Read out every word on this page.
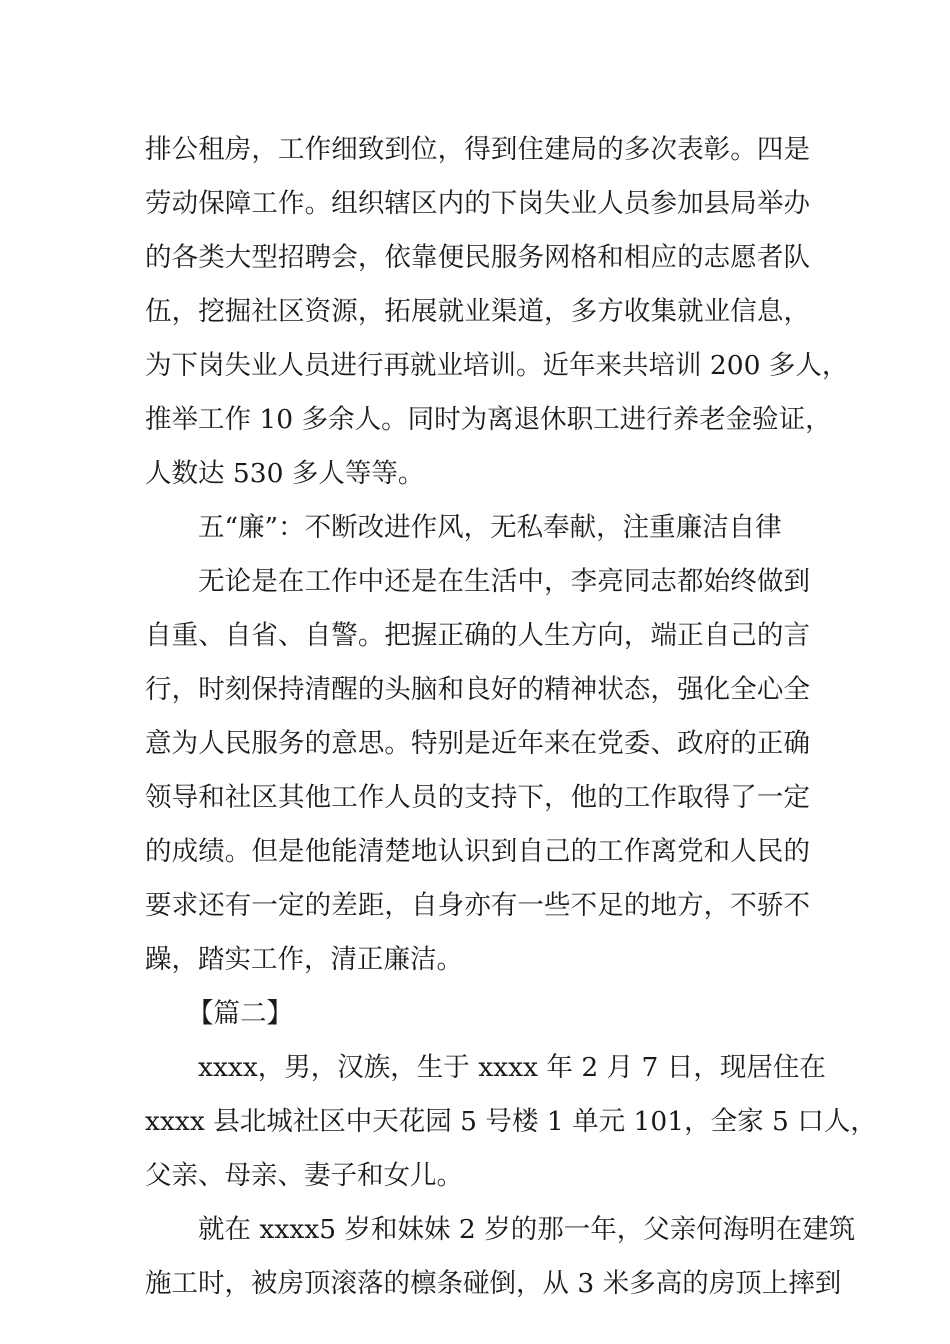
排公租房，工作细致到位，得到住建局的多次表彰。四是
劳动保障工作。组织辖区内的下岗失业人员参加县局举办
的各类大型招聘会，依靠便民服务网格和相应的志愿者队
伍，挖掘社区资源，拓展就业渠道，多方收集就业信息，
为下岗失业人员进行再就业培训。近年来共培训 200 多人，
推举工作 10 多余人。同时为离退休职工进行养老金验证，
人数达 530 多人等等。
五“廉”：不断改进作风，无私奉献，注重廉洁自律
无论是在工作中还是在生活中，李亮同志都始终做到
自重、自省、自警。把握正确的人生方向，端正自己的言
行，时刻保持清醒的头脑和良好的精神状态，强化全心全
意为人民服务的意思。特别是近年来在党委、政府的正确
领导和社区其他工作人员的支持下，他的工作取得了一定
的成绩。但是他能清楚地认识到自己的工作离党和人民的
要求还有一定的差距，自身亦有一些不足的地方，不骄不
躁，踏实工作，清正廉洁。
【篇二】
xxxx，男，汉族，生于 xxxx 年 2 月 7 日，现居住在
xxxx 县北城社区中天花园 5 号楼 1 单元 101，全家 5 口人，
父亲、母亲、妻子和女儿。
就在 xxxx5 岁和妹妹 2 岁的那一年，父亲何海明在建筑
施工时，被房顶滚落的檩条碰倒，从 3 米多高的房顶上摔到
